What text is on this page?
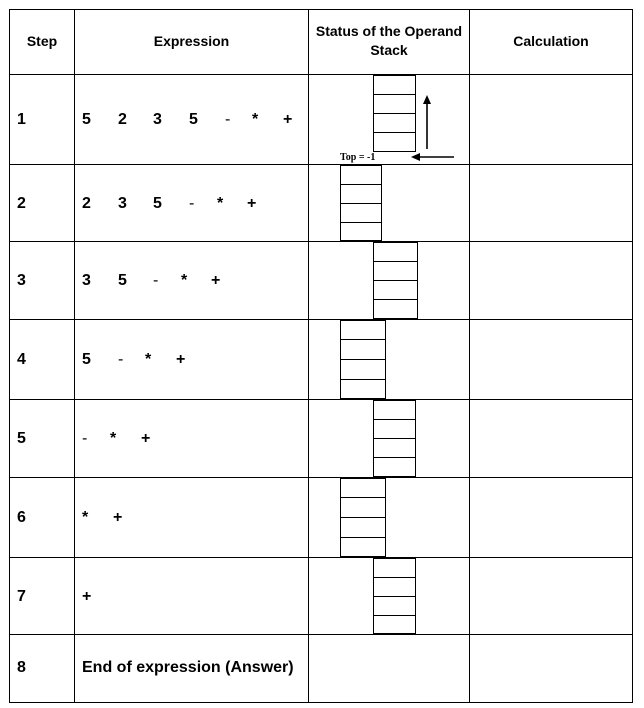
Step	Expression
Status of the Operand Stack
Calculation
1
2
3
4
5
6
7
8
5 2 3 5 - * +
2 3 5 - * +
3 5 - * +
5 - * +
- * +
* +
+
End of expression (Answer)
Top = -1
